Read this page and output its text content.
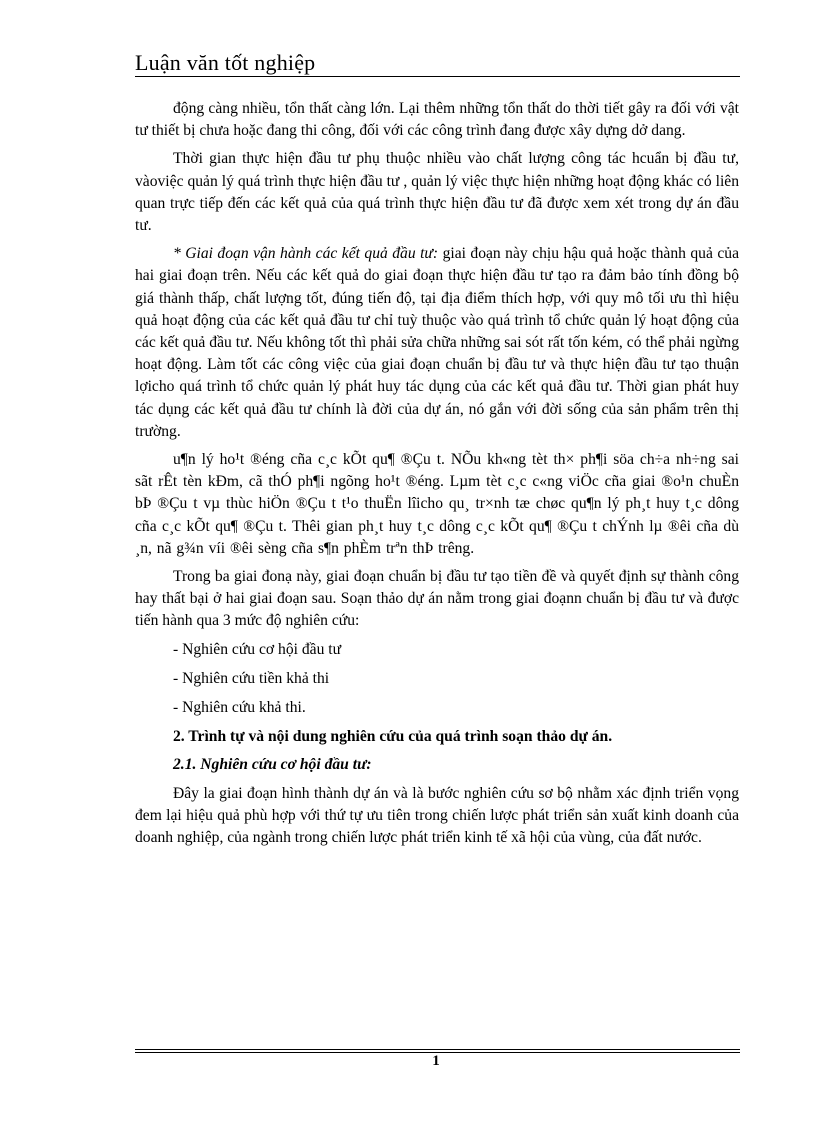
Luận văn tốt nghiệp

động càng nhiều, tổn thất càng lớn. Lại thêm những tổn thất do thời tiết gây ra đối với vật tư thiết bị chưa hoặc đang thi công, đối với các công trình đang được xây dựng dở dang.

Thời gian thực hiện đầu tư phụ thuộc nhiều vào chất lượng công tác hcuẩn bị đầu tư, vàoviệc quản lý quá trình thực hiện đầu tư , quản lý việc thực hiện những hoạt động khác có liên quan trực tiếp đến các kết quả của quá trình thực hiện đầu tư đã được xem xét trong dự án đầu tư.

* Giai đoạn vận hành các kết quả đầu tư: giai đoạn này chịu hậu quả hoặc thành quả của hai giai đoạn trên. Nếu các kết quả do giai đoạn thực hiện đầu tư tạo ra đảm bảo tính đồng bộ giá thành thấp, chất lượng tốt, đúng tiến độ, tại địa điểm thích hợp, với quy mô tối ưu thì hiệu quả hoạt động của các kết quả đầu tư chỉ tuỳ thuộc vào quá trình tổ chức quản lý hoạt động của các kết quả đầu tư. Nếu không tốt thì phải sửa chữa những sai sót rất tốn kém, có thể phải ngừng hoạt động. Làm tốt các công việc của giai đoạn chuẩn bị đầu tư và thực hiện đầu tư tạo thuận lợicho quá trình tổ chức quản lý phát huy tác dụng của các kết quả đầu tư. Thời gian phát huy tác dụng các kết quả đầu tư chính là đời của dự án, nó gắn với đời sống của sản phẩm trên thị trường.

u¶n lý ho¹t ®éng cña c¸c kÕt qu¶ ®Çu t. NÕu kh«ng tèt th× ph¶i söa ch÷a nh÷ng sai sãt rÊt tèn kÐm, cã thÓ ph¶i ngõng ho¹t ®éng. Lµm tèt c¸c c«ng viÖc cña giai ®o¹n chuÈn bÞ ®Çu t vµ thùc hiÖn ®Çu t t¹o thuËn lîicho qu¸ tr×nh tæ chøc qu¶n lý ph¸t huy t¸c dông cña c¸c kÕt qu¶ ®Çu t. Thêi gian ph¸t huy t¸c dông c¸c kÕt qu¶ ®Çu t chÝnh lµ ®êi cña dù ¸n, nã g¾n víi ®êi sèng cña s¶n phÈm trªn thÞ trêng.

Trong ba giai đonạ này, giai đoạn chuẩn bị đầu tư tạo tiền đề và quyết định sự thành công hay thất bại ở hai giai đoạn sau. Soạn thảo dự án nằm trong giai đoạnn chuẩn bị đầu tư và được tiến hành qua 3 mức độ nghiên cứu:

- Nghiên cứu cơ hội đầu tư
- Nghiên cứu tiền khả thi
- Nghiên cứu khả thi.
2. Trình tự và nội dung nghiên cứu của quá trình soạn thảo dự án.
2.1. Nghiên cứu cơ hội đầu tư:

Đây la giai đoạn hình thành dự án và là bước nghiên cứu sơ bộ nhằm xác định triển vọng đem lại hiệu quả phù hợp với thứ tự ưu tiên trong chiến lược phát triển sản xuất kinh doanh của doanh nghiệp, của ngành trong chiến lược phát triển kinh tế xã hội của vùng, của đất nước.

1
